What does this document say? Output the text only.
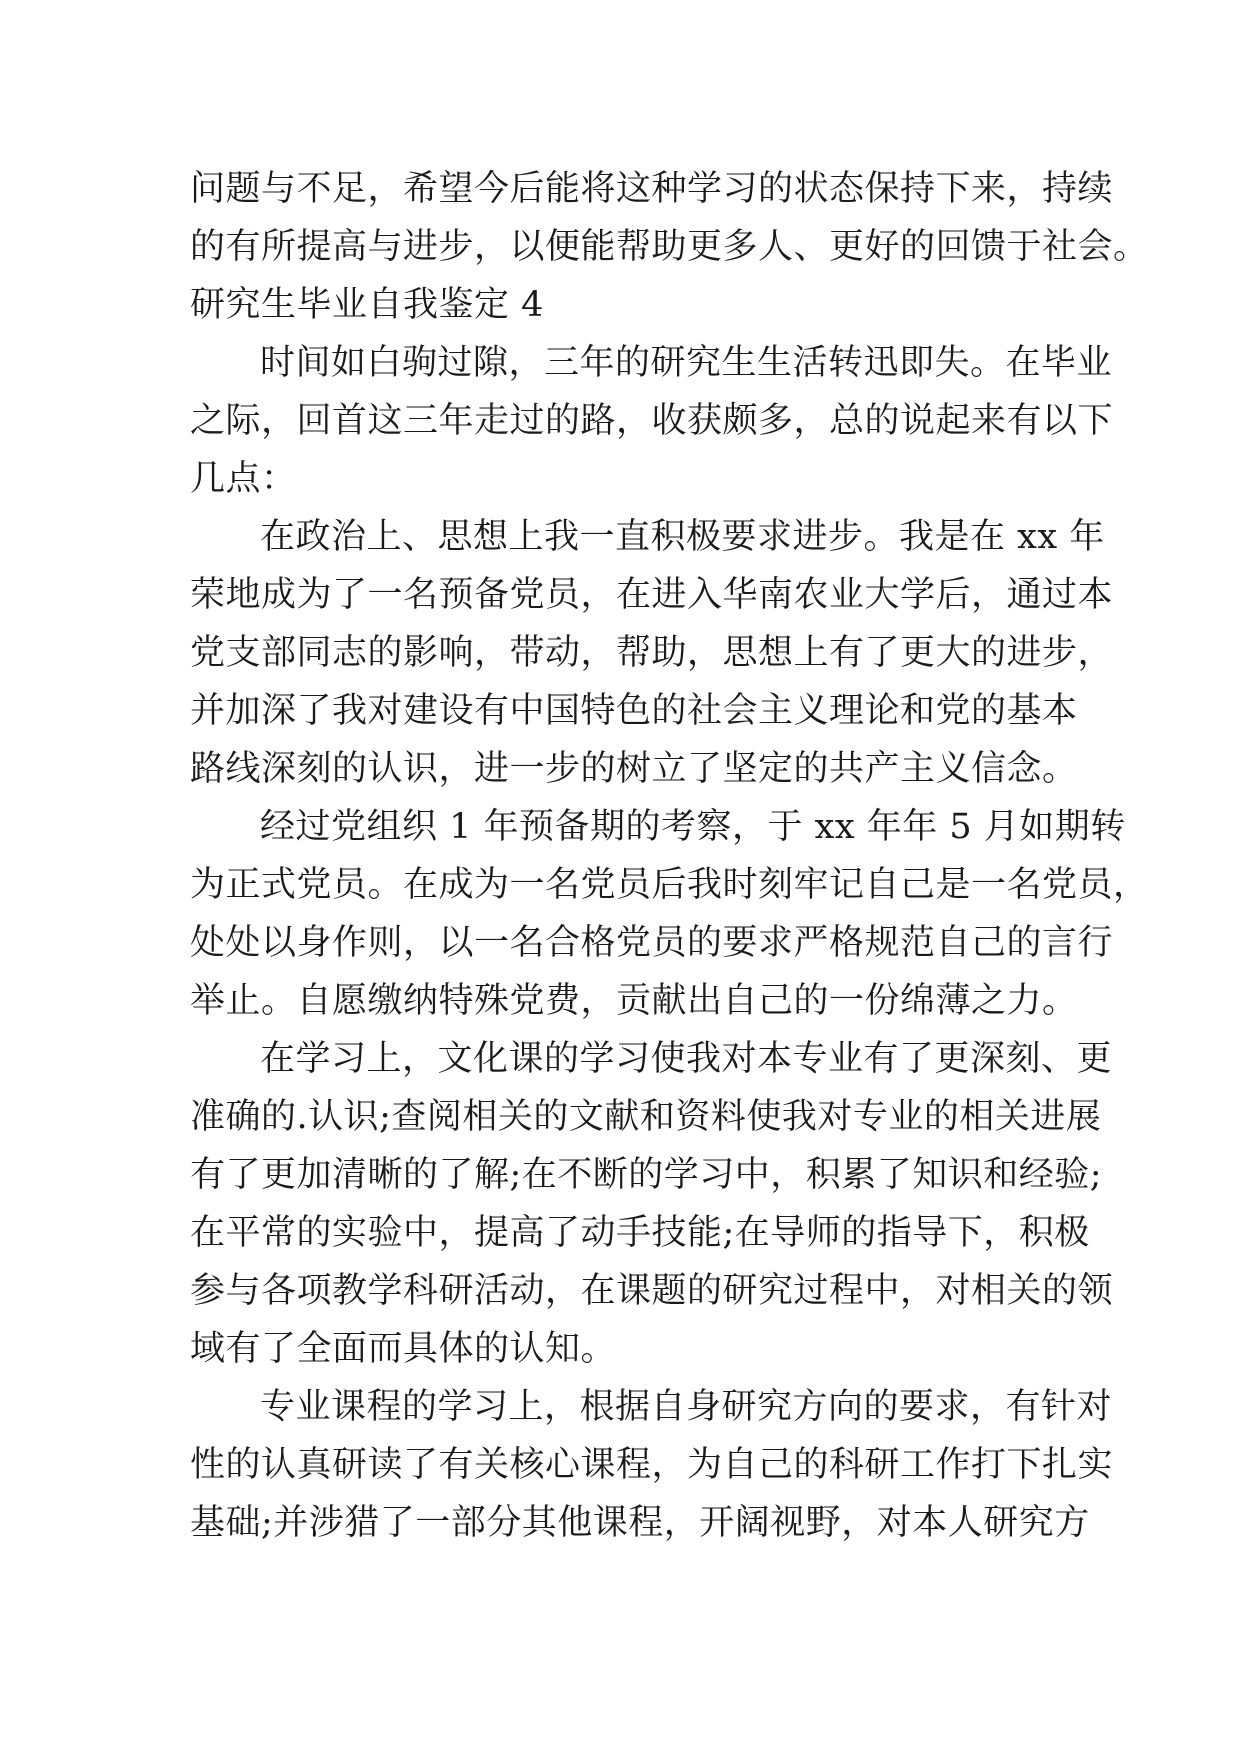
问题与不足，希望今后能将这种学习的状态保持下来，持续
的有所提高与进步，以便能帮助更多人、更好的回馈于社会。
研究生毕业自我鉴定 4
时间如白驹过隙，三年的研究生生活转迅即失。在毕业
之际，回首这三年走过的路，收获颇多，总的说起来有以下
几点：
在政治上、思想上我一直积极要求进步。我是在 xx 年
荣地成为了一名预备党员，在进入华南农业大学后，通过本
党支部同志的影响，带动，帮助，思想上有了更大的进步，
并加深了我对建设有中国特色的社会主义理论和党的基本
路线深刻的认识，进一步的树立了坚定的共产主义信念。
经过党组织 1 年预备期的考察，于 xx 年年 5 月如期转
为正式党员。在成为一名党员后我时刻牢记自己是一名党员，
处处以身作则，以一名合格党员的要求严格规范自己的言行
举止。自愿缴纳特殊党费，贡献出自己的一份绵薄之力。
在学习上，文化课的学习使我对本专业有了更深刻、更
准确的.认识;查阅相关的文献和资料使我对专业的相关进展
有了更加清晰的了解;在不断的学习中，积累了知识和经验;
在平常的实验中，提高了动手技能;在导师的指导下，积极
参与各项教学科研活动，在课题的研究过程中，对相关的领
域有了全面而具体的认知。
专业课程的学习上，根据自身研究方向的要求，有针对
性的认真研读了有关核心课程，为自己的科研工作打下扎实
基础;并涉猎了一部分其他课程，开阔视野，对本人研究方
